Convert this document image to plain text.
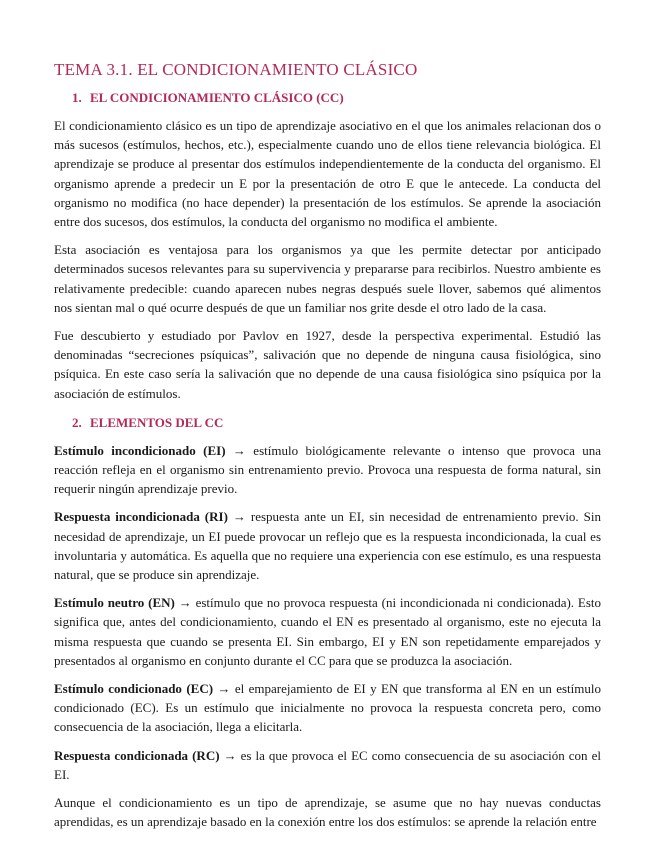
TEMA 3.1. EL CONDICIONAMIENTO CLÁSICO
1. EL CONDICIONAMIENTO CLÁSICO (CC)

El condicionamiento clásico es un tipo de aprendizaje asociativo en el que los animales relacionan dos o más sucesos (estímulos, hechos, etc.), especialmente cuando uno de ellos tiene relevancia biológica. El aprendizaje se produce al presentar dos estímulos independientemente de la conducta del organismo. El organismo aprende a predecir un E por la presentación de otro E que le antecede. La conducta del organismo no modifica (no hace depender) la presentación de los estímulos. Se aprende la asociación entre dos sucesos, dos estímulos, la conducta del organismo no modifica el ambiente.

Esta asociación es ventajosa para los organismos ya que les permite detectar por anticipado determinados sucesos relevantes para su supervivencia y prepararse para recibirlos. Nuestro ambiente es relativamente predecible: cuando aparecen nubes negras después suele llover, sabemos qué alimentos nos sientan mal o qué ocurre después de que un familiar nos grite desde el otro lado de la casa.

Fue descubierto y estudiado por Pavlov en 1927, desde la perspectiva experimental. Estudió las denominadas “secreciones psíquicas”, salivación que no depende de ninguna causa fisiológica, sino psíquica. En este caso sería la salivación que no depende de una causa fisiológica sino psíquica por la asociación de estímulos.

2. ELEMENTOS DEL CC

Estímulo incondicionado (EI) → estímulo biológicamente relevante o intenso que provoca una reacción refleja en el organismo sin entrenamiento previo. Provoca una respuesta de forma natural, sin requerir ningún aprendizaje previo.

Respuesta incondicionada (RI) → respuesta ante un EI, sin necesidad de entrenamiento previo. Sin necesidad de aprendizaje, un EI puede provocar un reflejo que es la respuesta incondicionada, la cual es involuntaria y automática. Es aquella que no requiere una experiencia con ese estímulo, es una respuesta natural, que se produce sin aprendizaje.

Estímulo neutro (EN) → estímulo que no provoca respuesta (ni incondicionada ni condicionada). Esto significa que, antes del condicionamiento, cuando el EN es presentado al organismo, este no ejecuta la misma respuesta que cuando se presenta EI. Sin embargo, EI y EN son repetidamente emparejados y presentados al organismo en conjunto durante el CC para que se produzca la asociación.

Estímulo condicionado (EC) → el emparejamiento de EI y EN que transforma al EN en un estímulo condicionado (EC). Es un estímulo que inicialmente no provoca la respuesta concreta pero, como consecuencia de la asociación, llega a elicitarla.

Respuesta condicionada (RC) → es la que provoca el EC como consecuencia de su asociación con el EI.

Aunque el condicionamiento es un tipo de aprendizaje, se asume que no hay nuevas conductas aprendidas, es un aprendizaje basado en la conexión entre los dos estímulos: se aprende la relación entre
